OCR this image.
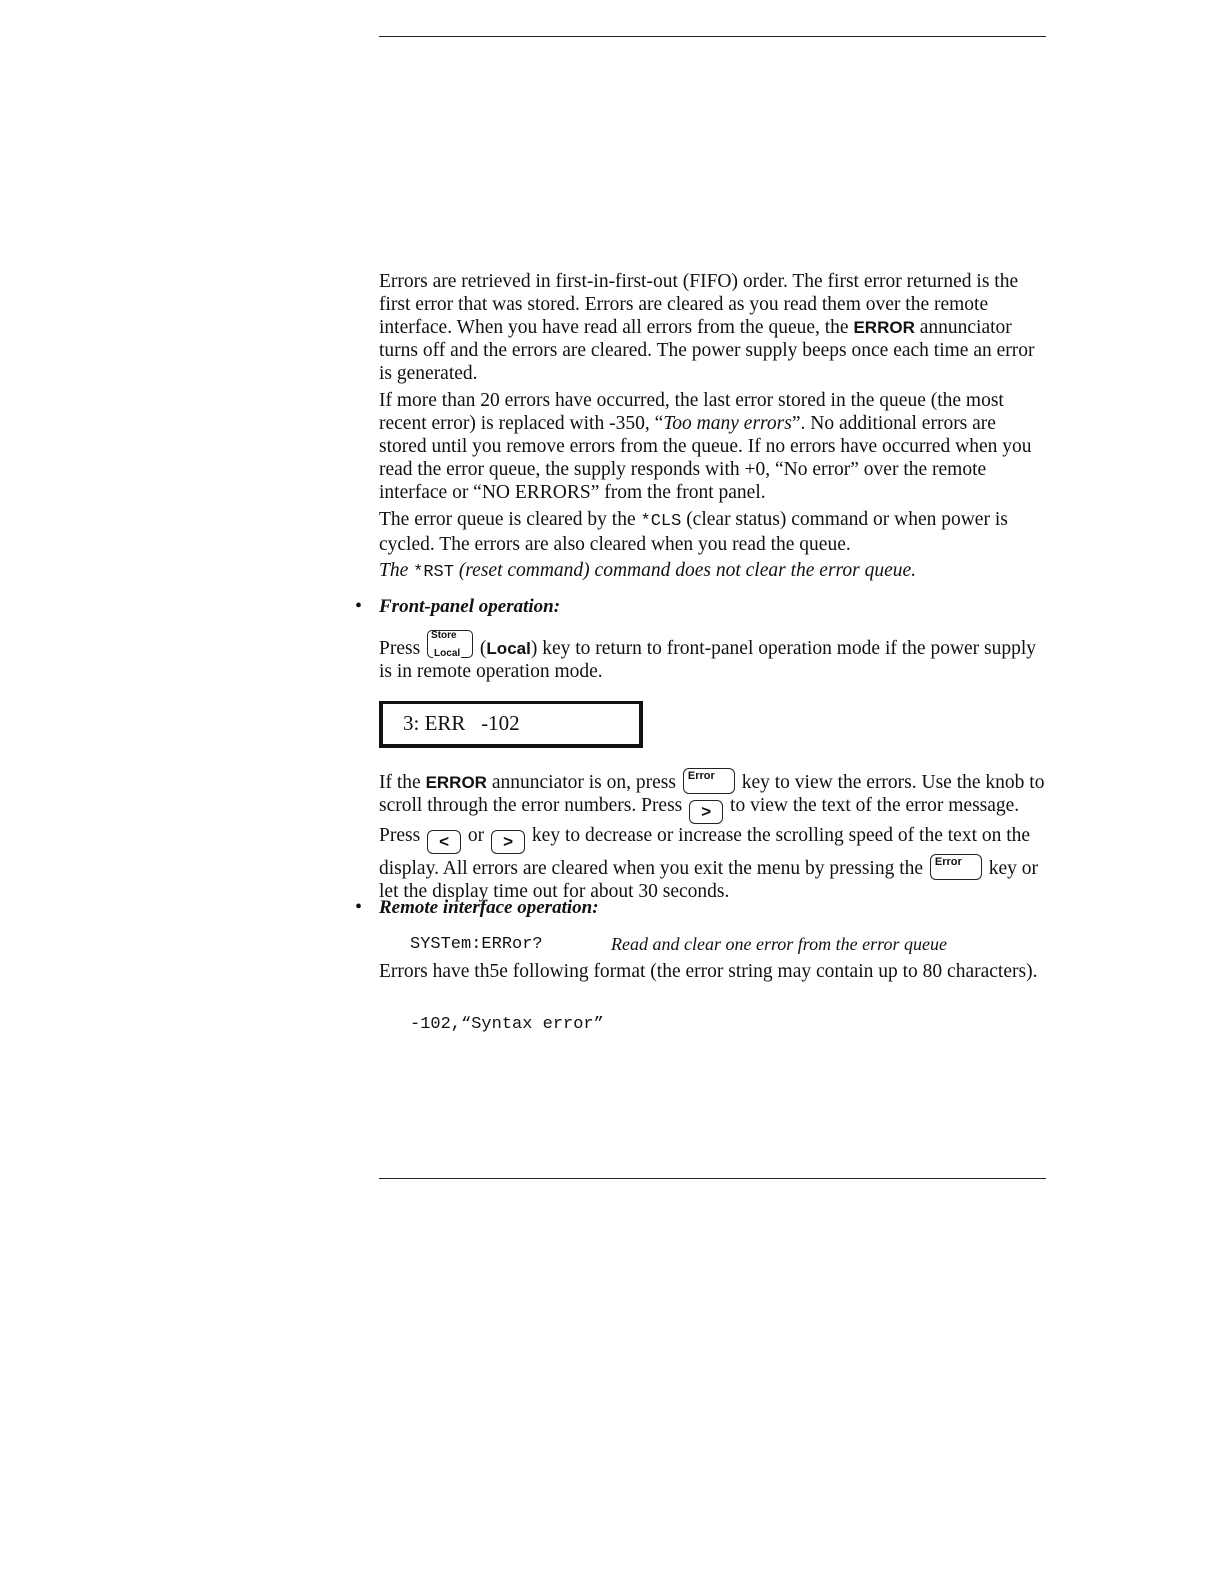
Errors are retrieved in first-in-first-out (FIFO) order. The first error returned is the first error that was stored. Errors are cleared as you read them over the remote interface. When you have read all errors from the queue, the ERROR annunciator turns off and the errors are cleared. The power supply beeps once each time an error is generated.

If more than 20 errors have occurred, the last error stored in the queue (the most recent error) is replaced with -350, “Too many errors”. No additional errors are stored until you remove errors from the queue. If no errors have occurred when you read the error queue, the supply responds with +0, “No error” over the remote interface or “NO ERRORS” from the front panel.

The error queue is cleared by the *CLS (clear status) command or when power is cycled. The errors are also cleared when you read the queue.

The *RST (reset command) command does not clear the error queue.

• Front-panel operation:

Press
Store
Local (Local) key to return to front-panel operation mode if the power supply is in remote operation mode.

3: ERR   -102

If the ERROR annunciator is on, press Error key to view the errors. Use the knob to scroll through the error numbers. Press > to view the text of the error message. Press < or > key to decrease or increase the scrolling speed of the text on the display. All errors are cleared when you exit the menu by pressing the Error key or let the display time out for about 30 seconds.

• Remote interface operation:
SYSTem:ERRor?	Read and clear one error from the error queue

Errors have th5e following format (the error string may contain up to 80 characters).

-102,“Syntax error”
